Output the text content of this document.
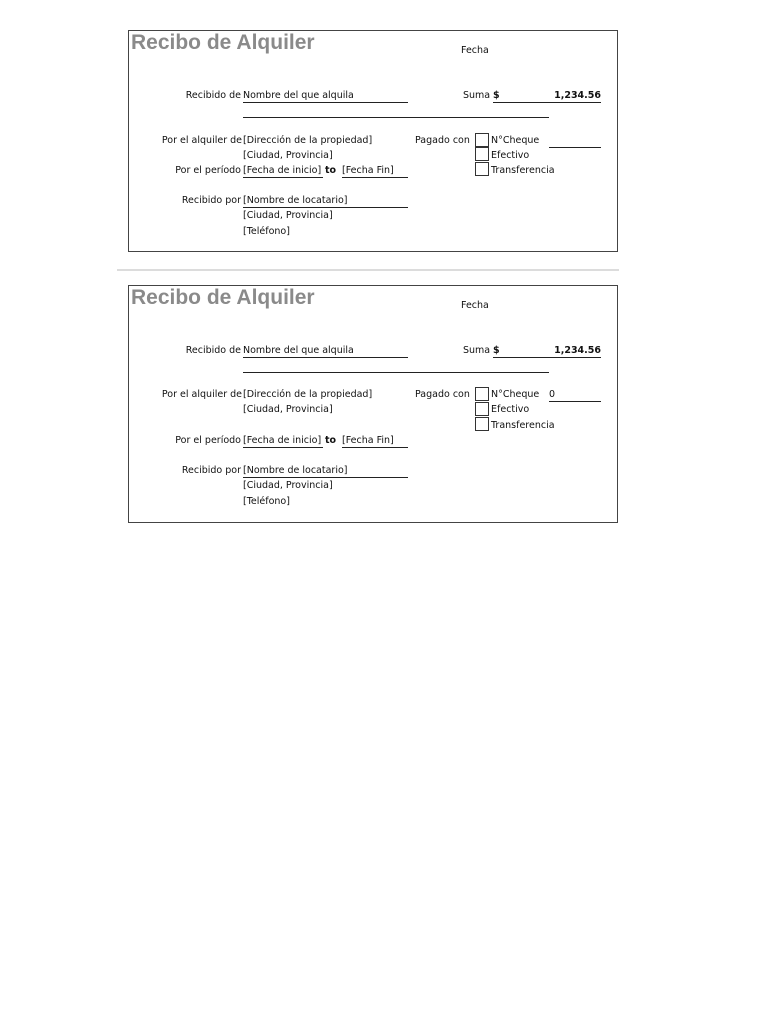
Recibo de Alquiler	Fecha
Recibido de Nombre del que alquila	Suma $	1,234.56
Por el alquiler de [Dirección de la propiedad]
[Ciudad, Provincia]
Por el período [Fecha de inicio] to [Fecha Fin]
Recibido por [Nombre de locatario]
[Ciudad, Provincia]
[Teléfono]
Pagado con N°Cheque
Efectivo
Transferencia
Recibo de Alquiler	Fecha
Recibido de Nombre del que alquila	Suma $	1,234.56
Por el alquiler de [Dirección de la propiedad]
[Ciudad, Provincia]
Por el período [Fecha de inicio] to [Fecha Fin]
Recibido por [Nombre de locatario]
[Ciudad, Provincia]
[Teléfono]
Pagado con N°Cheque 0
Efectivo
Transferencia
